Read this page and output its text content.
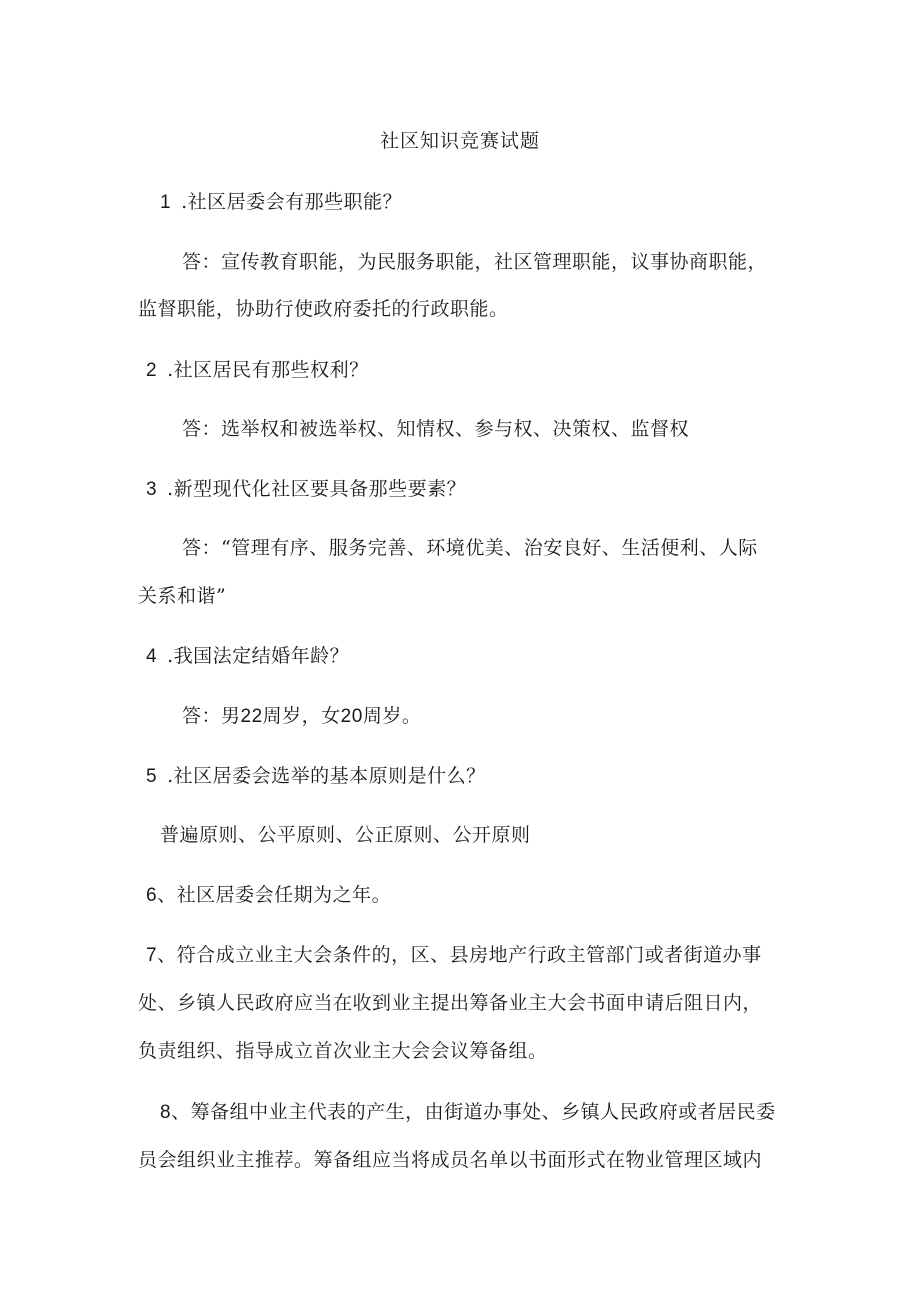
社区知识竞赛试题
1 .社区居委会有那些职能？
答：宣传教育职能，为民服务职能，社区管理职能，议事协商职能，
监督职能，协助行使政府委托的行政职能。
2 .社区居民有那些权利？
答：选举权和被选举权、知情权、参与权、决策权、监督权
3 .新型现代化社区要具备那些要素？
答：“管理有序、服务完善、环境优美、治安良好、生活便利、人际
关系和谐”
4 .我国法定结婚年龄？
答：男22周岁，女20周岁。
5 .社区居委会选举的基本原则是什么？
普遍原则、公平原则、公正原则、公开原则
6、社区居委会任期为之年。
7、符合成立业主大会条件的，区、县房地产行政主管部门或者街道办事
处、乡镇人民政府应当在收到业主提出筹备业主大会书面申请后阻日内，
负责组织、指导成立首次业主大会会议筹备组。
8、筹备组中业主代表的产生，由街道办事处、乡镇人民政府或者居民委
员会组织业主推荐。筹备组应当将成员名单以书面形式在物业管理区域内
